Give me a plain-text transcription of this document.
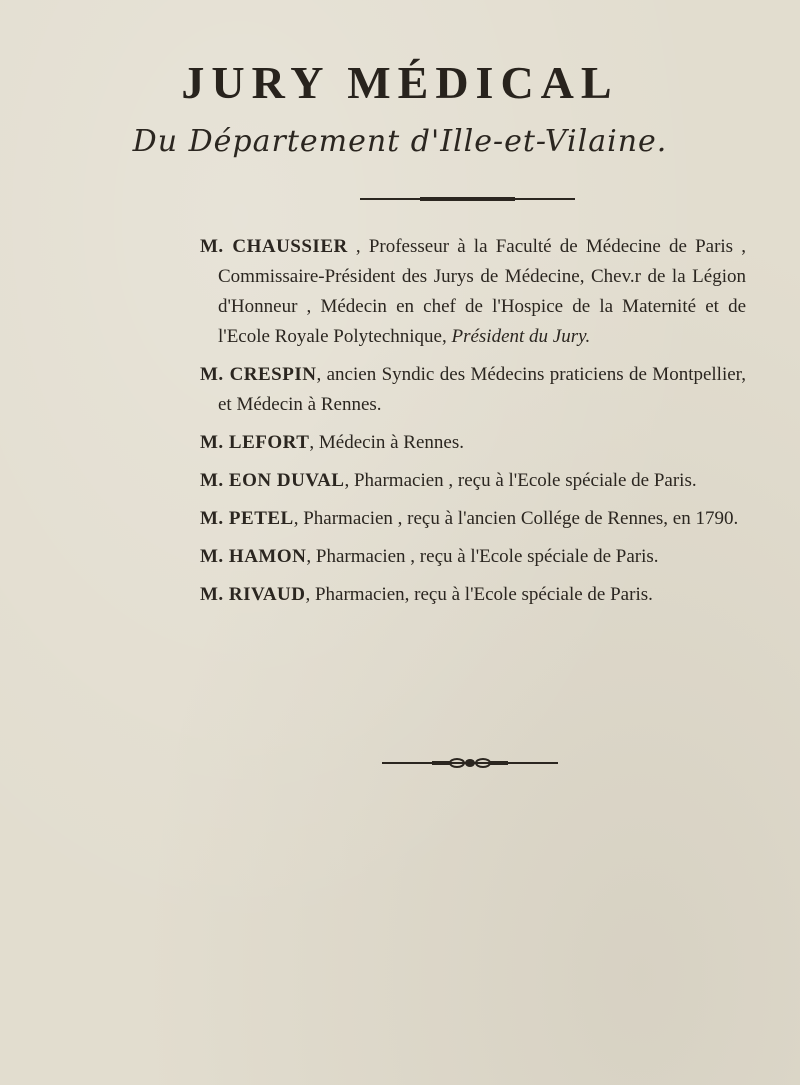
JURY MÉDICAL
Du Département d'Ille-et-Vilaine.

M. CHAUSSIER , Professeur à la Faculté de Médecine de Paris , Commissaire-Président des Jurys de Médecine, Chev.r de la Légion d'Honneur , Médecin en chef de l'Hospice de la Maternité et de l'Ecole Royale Polytechnique, Président du Jury.

M. CRESPIN, ancien Syndic des Médecins praticiens de Montpellier, et Médecin à Rennes.

M. LEFORT, Médecin à Rennes.

M. EON DUVAL, Pharmacien , reçu à l'Ecole spéciale de Paris.

M. PETEL, Pharmacien , reçu à l'ancien Collége de Rennes, en 1790.

M. HAMON, Pharmacien , reçu à l'Ecole spéciale de Paris.

M. RIVAUD, Pharmacien, reçu à l'Ecole spéciale de Paris.
